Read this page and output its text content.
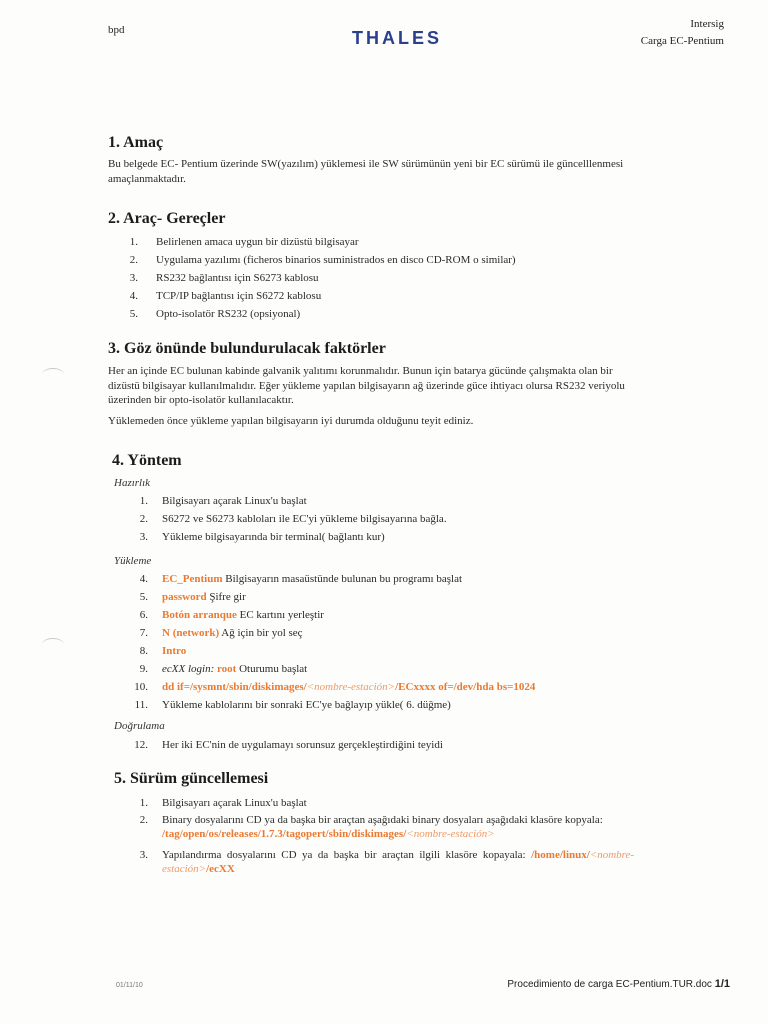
bpd	THALES
Intersig
Carga EC-Pentium
1. Amaç
Bu belgede EC- Pentium üzerinde SW(yazılım) yüklemesi ile SW sürümünün yeni bir EC sürümü ile güncelllenmesi
amaçlanmaktadır.
2. Araç- Gereçler
1. Belirlenen amaca uygun bir dizüstü bilgisayar
2. Uygulama yazılımı (ficheros binarios suministrados en disco CD-ROM o similar)
3. RS232 bağlantısı için S6273 kablosu
4. TCP/IP bağlantısı için S6272 kablosu
5. Opto-isolatör RS232 (opsiyonal)
3. Göz önünde bulundurulacak faktörler
Her an içinde EC bulunan kabinde galvanik yalıtımı korunmalıdır. Bunun için batarya gücünde çalışmakta olan bir
dizüstü bilgisayar kullanılmalıdır. Eğer yükleme yapılan bilgisayarın ağ üzerinde güce ihtiyacı olursa RS232 veriyolu
üzerinden bir opto-isolatör kullanılacaktır.
Yüklemeden önce yükleme yapılan bilgisayarın iyi durumda olduğunu teyit ediniz.
4. Yöntem
Hazırlık
1. Bilgisayarı açarak Linux'u başlat
2. S6272 ve S6273 kabloları ile EC'yi yükleme bilgisayarına bağla.
3. Yükleme bilgisayarında bir terminal( bağlantı kur)
Yükleme
4. EC_Pentium Bilgisayarın masaüstünde bulunan bu programı başlat
5. password Şifre gir
6. Botón arranque EC kartını yerleştir
7. N (network) Ağ için bir yol seç
8. Intro
9. ecXX login: root Oturumu başlat
10. dd if=/sysmnt/sbin/diskimages/<nombre-estación>/ECxxxx of=/dev/hda bs=1024
11. Yükleme kablolarını bir sonraki EC'ye bağlayıp yükle( 6. düğme)
Doğrulama
12. Her iki EC'nin de uygulamayı sorunsuz gerçekleştirdiğini teyidi
5. Sürüm güncellemesi
1. Bilgisayarı açarak Linux'u başlat
2. Binary dosyalarını CD ya da başka bir araçtan aşağıdaki binary dosyaları aşağıdaki klasöre kopyala:
/tag/open/os/releases/1.7.3/tagopert/sbin/diskimages/<nombre-estación>
3. Yapılandırma  dosyalarını  CD  ya  da  başka  bir  araçtan  ilgili  klasöre  kopayala: /home/linux/<nombre-
estación>/ecXX
01/11/10	Procedimiento de carga EC-Pentium.TUR.doc 1/1
